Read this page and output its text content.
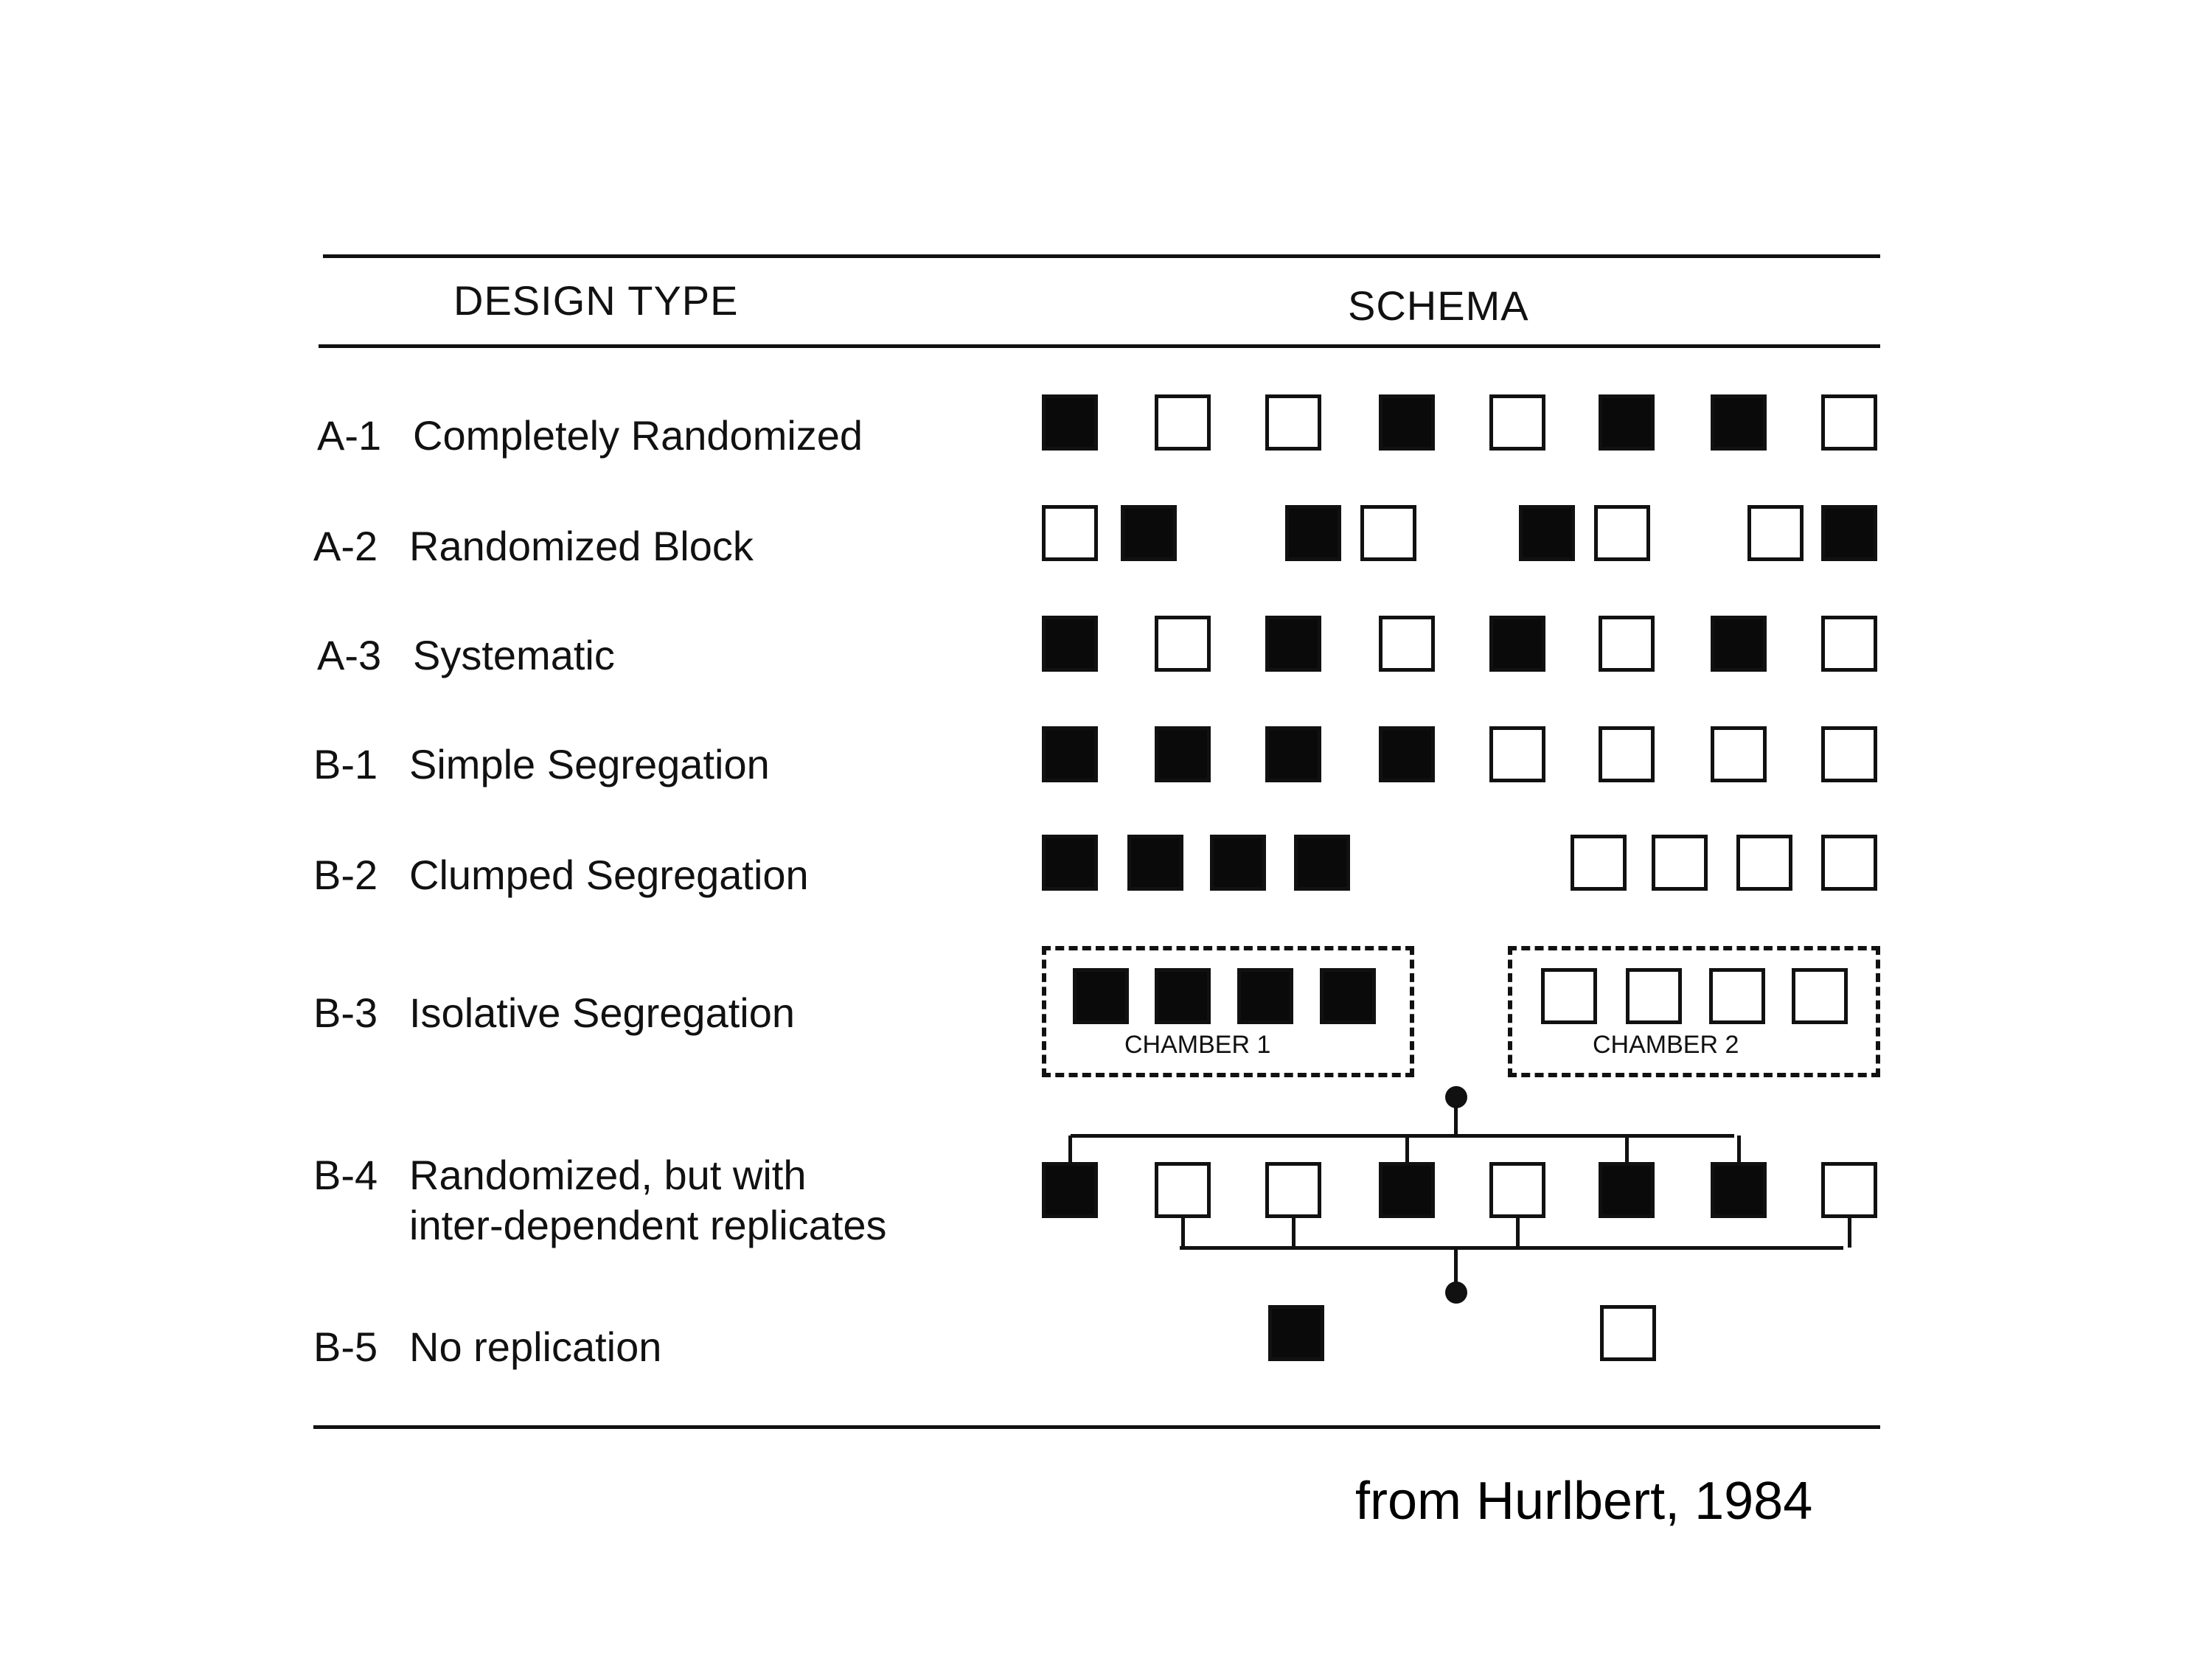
DESIGN TYPE	SCHEMA
A-1 Completely Randomized
A-2 Randomized Block
A-3 Systematic
B-1 Simple Segregation
B-2 Clumped Segregation
B-3 Isolative Segregation
B-4 Randomized, but with
inter-dependent replicates
B-5 No replication
CHAMBER 1	CHAMBER 2
from Hurlbert, 1984
